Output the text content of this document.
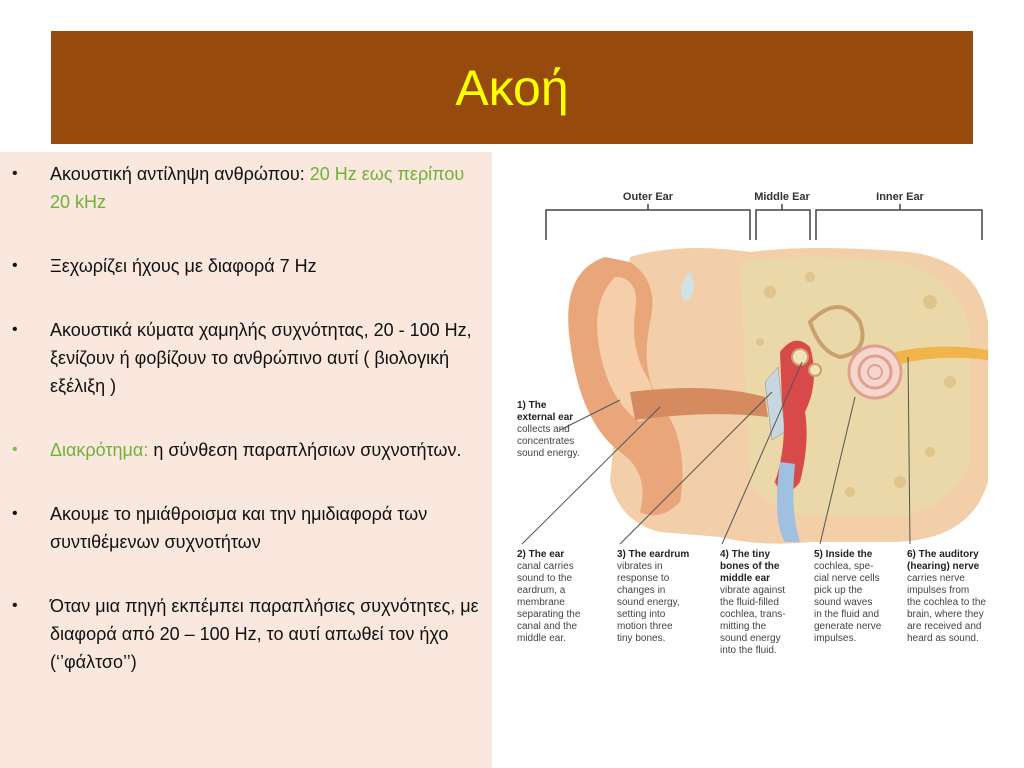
Ακοή
• Ακουστική αντίληψη ανθρώπου: 20 Hz εως περίπου 20 kHz
• Ξεχωρίζει ήχους με διαφορά 7 Hz
• Ακουστικά κύματα χαμηλής συχνότητας, 20 - 100 Hz, ξενίζουν ή φοβίζουν το ανθρώπινο αυτί ( βιολογική εξέλιξη )
• Διακρότημα: η σύνθεση παραπλήσιων συχνοτήτων.
• Ακουμε το ημιάθροισμα και την ημιδιαφορά των συντιθέμενων συχνοτήτων
• Όταν μια πηγή εκπέμπει παραπλήσιες συχνότητες, με διαφορά από 20 – 100 Hz, το αυτί απωθεί τον ήχο (‘’φάλτσο’’)
Outer Ear	Middle Ear	Inner Ear
1) The external ear collects and concentrates sound energy.
2) The ear canal carries sound to the eardrum, a membrane separating the canal and the middle ear.
3) The eardrum vibrates in response to changes in sound energy, setting into motion three tiny bones.
4) The tiny bones of the middle ear vibrate against the fluid-filled cochlea, trans- mitting the sound energy into the fluid.
5) Inside the cochlea, spe- cial nerve cells pick up the sound waves in the fluid and generate nerve impulses.
6) The auditory (hearing) nerve carries nerve impulses from the cochlea to the brain, where they are received and heard as sound.
